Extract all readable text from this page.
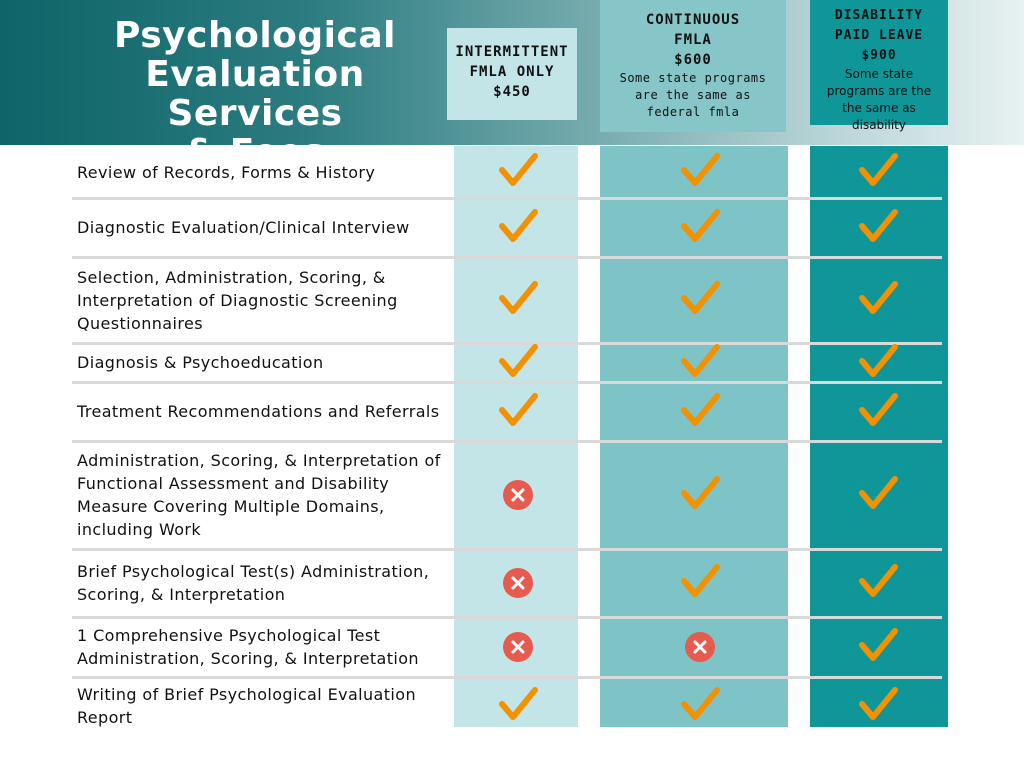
Psychological
Evaluation Services
& Fees
INTERMITTENT FMLA ONLY
$450
CONTINUOUS FMLA
$600
Some state programs are the same as federal fmla
DISABILITY PAID LEAVE
$900
Some state programs are the the same as disability
Review of Records, Forms & History
Diagnostic Evaluation/Clinical Interview
Selection, Administration, Scoring, & Interpretation of Diagnostic Screening Questionnaires
Diagnosis & Psychoeducation
Treatment Recommendations and Referrals
Administration, Scoring, & Interpretation of Functional Assessment and Disability Measure Covering Multiple Domains, including Work
Brief Psychological Test(s) Administration, Scoring, & Interpretation
1 Comprehensive Psychological Test Administration, Scoring, & Interpretation
Writing of Brief Psychological Evaluation Report
